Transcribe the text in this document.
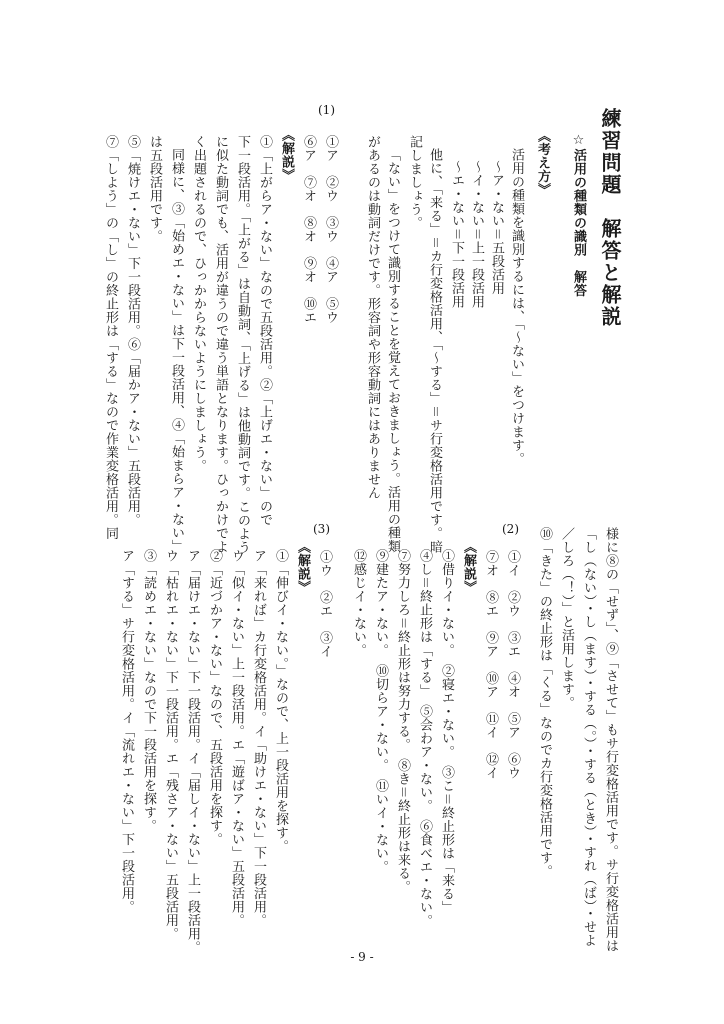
練習問題　解答と解説
☆活用の種類の識別　解答
《考え方》
活用の種類を識別するには、「〜ない」をつけます。
〜ア・ない＝五段活用
〜イ・ない＝上一段活用
〜エ・ない＝下一段活用
他に、「来る」＝カ行変格活用、「〜する」＝サ行変格活用です。暗
記しましょう。
「ない」をつけて識別することを覚えておきましょう。活用の種類
があるのは動詞だけです。形容詞や形容動詞にはありません
(1)
①ア　②ウ　③ウ　④ア　⑤ウ
⑥ア　⑦オ　⑧オ　⑨オ　⑩エ
《解説》
①「上がらア・ない」なので五段活用。②「上げエ・ない」ので
下一段活用。「上がる」は自動詞、「上げる」は他動詞です。このよう
に似た動詞でも、活用が違うので違う単語となります。ひっかけでよ
く出題されるので、ひっかからないようにしましょう。
同様に、③「始めエ・ない」は下一段活用、④「始まらア・ない」
は五段活用です。
⑤「焼けエ・ない」下一段活用。⑥「届かア・ない」五段活用。
⑦「しよう」の「し」の終止形は「する」なので作業変格活用。同
様に⑧の「せず」、⑨「させて」もサ行変格活用です。サ行変格活用は
「し（ない）・し（ます）・する（。）・する（とき）・すれ（ば）・せよ
／しろ（！）」と活用します。
⑩「きた」の終止形は「くる」なのでカ行変格活用です。
(2)
①イ　②ウ　③エ　④オ　⑤ア　⑥ウ
⑦オ　⑧エ　⑨ア　⑩ア　⑪イ　⑫イ
《解説》
①借りイ・ない。　②寝エ・ない。　③こ＝終止形は「来る」
④し＝終止形は「する」　⑤会わア・ない。　⑥食べエ・ない。
⑦努力しろ＝終止形は努力する。　⑧き＝終止形は来る。
⑨建たア・ない。　⑩切らア・ない。　⑪いイ・ない。
⑫感じイ・ない。
(3)
①ウ　②エ　③イ
《解説》
①「伸びイ・ない。」なので、上一段活用を探す。
ア「来れば」カ行変格活用。イ「助けエ・ない」下一段活用。
ウ「似イ・ない」上一段活用。エ「遊ばア・ない」五段活用。
②「近づかア・ない」なので、五段活用を探す。
ア「届けエ・ない」下一段活用。イ「届しイ・ない」上一段活用。
ウ「枯れエ・ない」下一段活用。エ「残さア・ない」五段活用。
③「読めエ・ない」なので下一段活用を探す。
ア「する」サ行変格活用。イ「流れエ・ない」下一段活用。
- 9 -
